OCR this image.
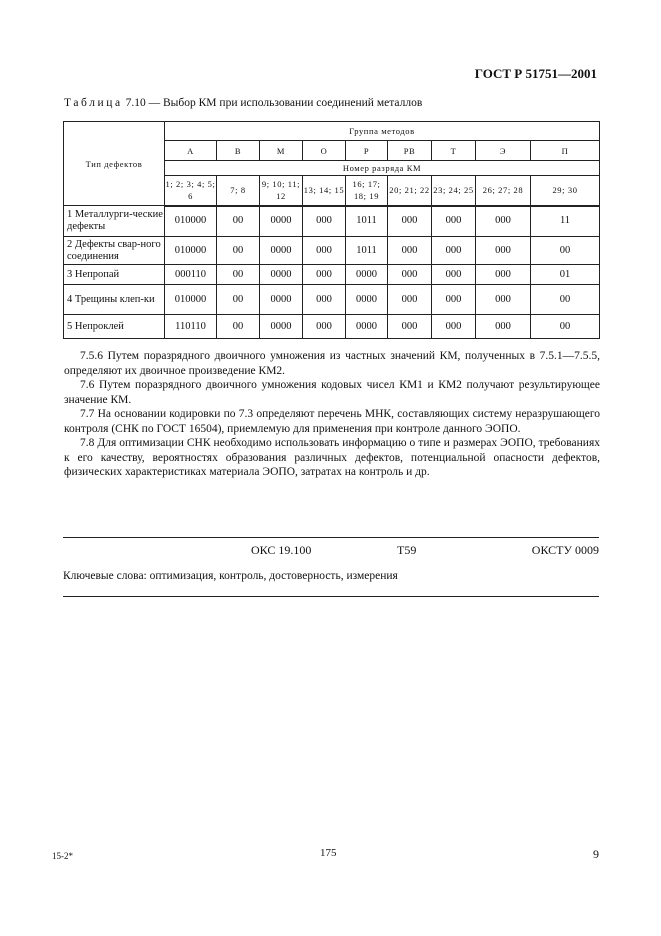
ГОСТ Р 51751—2001
Таблица 7.10 — Выбор КМ при использовании соединений металлов
Тип дефектов	Группа методов								
	А	В	М	О	Р	РВ	Т	Э	П
	Номер разряда КМ								
	1; 2; 3; 4; 5; 6	7; 8	9; 10; 11; 12	13; 14; 15	16; 17; 18; 19	20; 21; 22	23; 24; 25	26; 27; 28	29; 30
1 Металлурги-ческие дефекты	010000	00	0000	000	1011	000	000	000	11
2 Дефекты свар-ного соединения	010000	00	0000	000	1011	000	000	000	00
3 Непропай	000110	00	0000	000	0000	000	000	000	01
4 Трещины клеп-ки	010000	00	0000	000	0000	000	000	000	00
5 Непроклей	110110	00	0000	000	0000	000	000	000	00

7.5.6 Путем поразрядного двоичного умножения из частных значений КМ, полученных в 7.5.1—7.5.5, определяют их двоичное произведение КМ2.

7.6 Путем поразрядного двоичного умножения кодовых чисел КМ1 и КМ2 получают результирующее значение КМ.

7.7 На основании кодировки по 7.3 определяют перечень МНК, составляющих систему неразрушающего контроля (СНК по ГОСТ 16504), приемлемую для применения при контроле данного ЭОПО.

7.8 Для оптимизации СНК необходимо использовать информацию о типе и размерах ЭОПО, требованиях к его качеству, вероятностях образования различных дефектов, потенциальной опасности дефектов, физических характеристиках материала ЭОПО, затратах на контроль и др.

ОКС 19.100	Т59	ОКСТУ 0009
Ключевые слова: оптимизация, контроль, достоверность, измерения
15-2*	175	9
